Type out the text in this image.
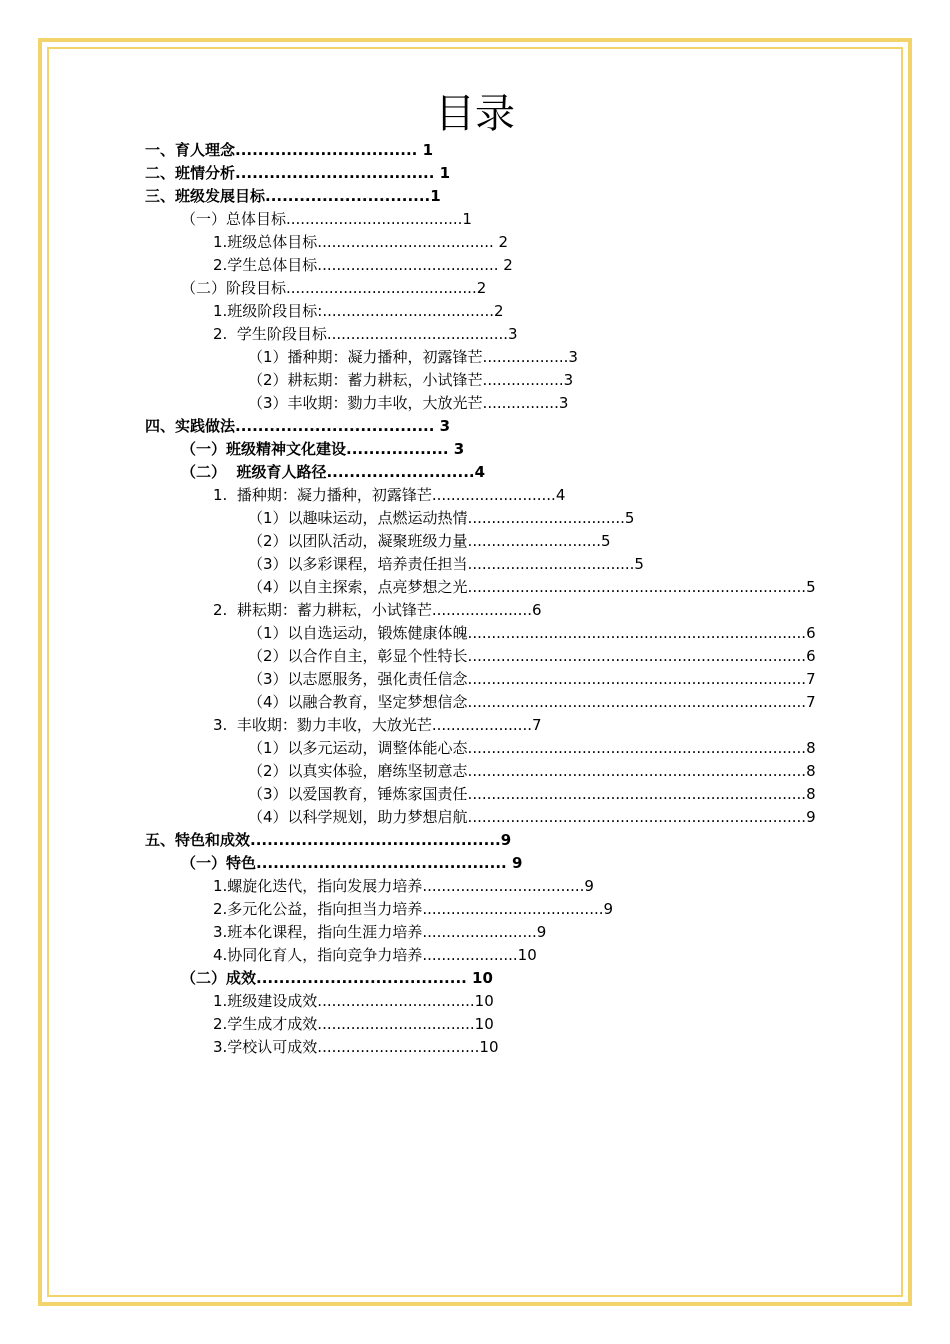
目录
一、育人理念................................ 1
二、班情分析................................... 1
三、班级发展目标.............................1
（一）总体目标.....................................1
1.班级总体目标..................................... 2
2.学生总体目标...................................... 2
（二）阶段目标........................................2
1.班级阶段目标:....................................2
2.  学生阶段目标......................................3
（1）播种期：凝力播种，初露锋芒..................3
（2）耕耘期：蓄力耕耘，小试锋芒.................3
（3）丰收期：勠力丰收，大放光芒................3
四、实践做法................................... 3
（一）班级精神文化建设.................. 3
（二）  班级育人路径..........................4
1.  播种期：凝力播种，初露锋芒..........................4
（1）以趣味运动，点燃运动热情.................................5
（2）以团队活动，凝聚班级力量............................5
（3）以多彩课程，培养责任担当...................................5
（4）以自主探索，点亮梦想之光.......................................................................5
2.  耕耘期：蓄力耕耘，小试锋芒.....................6
（1）以自选运动，锻炼健康体魄.......................................................................6
（2）以合作自主，彰显个性特长.......................................................................6
（3）以志愿服务，强化责任信念.......................................................................7
（4）以融合教育，坚定梦想信念.......................................................................7
3.  丰收期：勠力丰收，大放光芒.....................7
（1）以多元运动，调整体能心态.......................................................................8
（2）以真实体验，磨练坚韧意志.......................................................................8
（3）以爱国教育，锤炼家国责任.......................................................................8
（4）以科学规划，助力梦想启航.......................................................................9
五、特色和成效............................................9
（一）特色............................................ 9
1.螺旋化迭代，指向发展力培养..................................9
2.多元化公益，指向担当力培养......................................9
3.班本化课程，指向生涯力培养........................9
4.协同化育人，指向竞争力培养....................10
（二）成效..................................... 10
1.班级建设成效.................................10
2.学生成才成效.................................10
3.学校认可成效..................................10
